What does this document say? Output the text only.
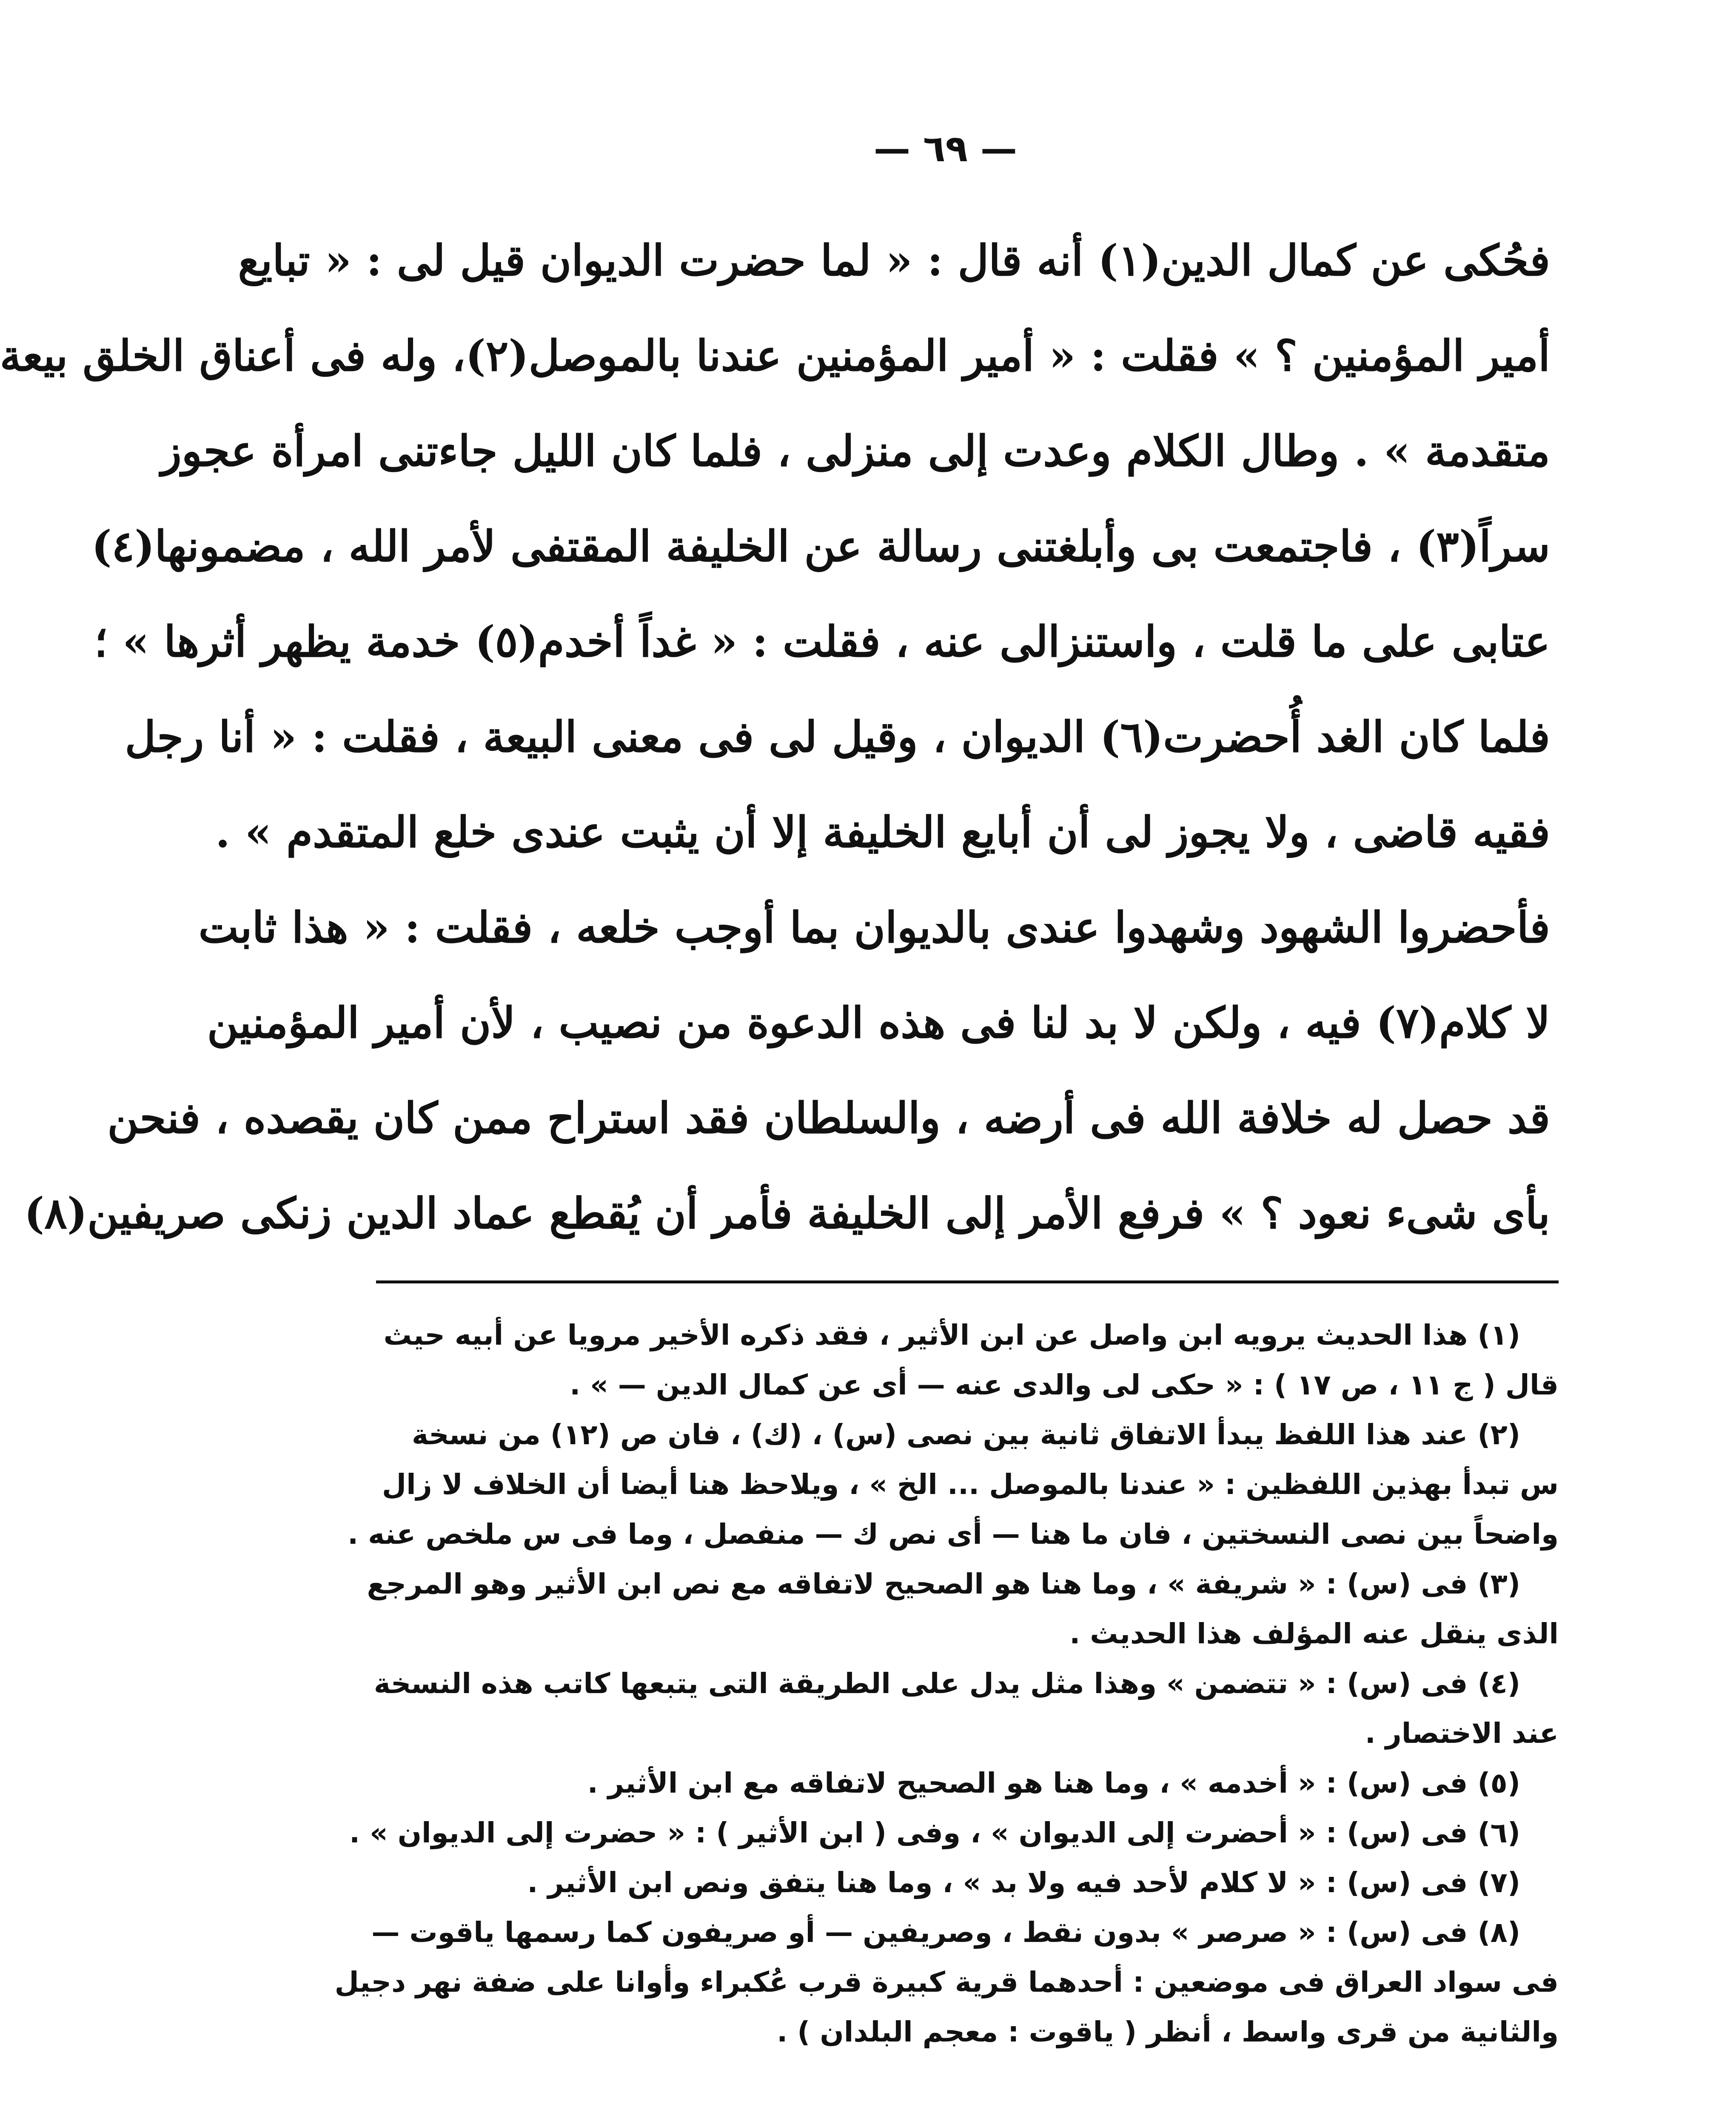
— ٦٩ —
فحُكى عن كمال الدين(١) أنه قال : « لما حضرت الديوان قيل لى : « تبايع
أمير المؤمنين ؟ » فقلت : « أمير المؤمنين عندنا بالموصل(٢)، وله فى أعناق الخلق بيعة
متقدمة » . وطال الكلام وعدت إلى منزلى ، فلما كان الليل جاءتنى امرأة عجوز
سراً(٣) ، فاجتمعت بى وأبلغتنى رسالة عن الخليفة المقتفى لأمر الله ، مضمونها(٤)
عتابى على ما قلت ، واستنزالى عنه ، فقلت : « غداً أخدم(٥) خدمة يظهر أثرها » ؛
فلما كان الغد أُحضرت(٦) الديوان ، وقيل لى فى معنى البيعة ، فقلت : « أنا رجل
فقيه قاضى ، ولا يجوز لى أن أبايع الخليفة إلا أن يثبت عندى خلع المتقدم » .
فأحضروا الشهود وشهدوا عندى بالديوان بما أوجب خلعه ، فقلت : « هذا ثابت
لا كلام(٧) فيه ، ولكن لا بد لنا فى هذه الدعوة من نصيب ، لأن أمير المؤمنين
قد حصل له خلافة الله فى أرضه ، والسلطان فقد استراح ممن كان يقصده ، فنحن
بأى شىء نعود ؟ » فرفع الأمر إلى الخليفة فأمر أن يُقطع عماد الدين زنكى صريفين(٨)
(١) هذا الحديث يرويه ابن واصل عن ابن الأثير ، فقد ذكره الأخير مرويا عن أبيه حيث
قال ( ج ١١ ، ص ١٧ ) : « حكى لى والدى عنه — أى عن كمال الدين — » .
(٢) عند هذا اللفظ يبدأ الاتفاق ثانية بين نصى (س) ، (ك) ، فان ص (١٢) من نسخة
س تبدأ بهذين اللفظين : « عندنا بالموصل ... الخ » ، ويلاحظ هنا أيضا أن الخلاف لا زال
واضحاً بين نصى النسختين ، فان ما هنا — أى نص ك — منفصل ، وما فى س ملخص عنه .
(٣) فى (س) : « شريفة » ، وما هنا هو الصحيح لاتفاقه مع نص ابن الأثير وهو المرجع
الذى ينقل عنه المؤلف هذا الحديث .
(٤) فى (س) : « تتضمن » وهذا مثل يدل على الطريقة التى يتبعها كاتب هذه النسخة
عند الاختصار .
(٥) فى (س) : « أخدمه » ، وما هنا هو الصحيح لاتفاقه مع ابن الأثير .
(٦) فى (س) : « أحضرت إلى الديوان » ، وفى ( ابن الأثير ) : « حضرت إلى الديوان » .
(٧) فى (س) : « لا كلام لأحد فيه ولا بد » ، وما هنا يتفق ونص ابن الأثير .
(٨) فى (س) : « صرصر » بدون نقط ، وصريفين — أو صريفون كما رسمها ياقوت —
فى سواد العراق فى موضعين : أحدهما قرية كبيرة قرب عُكبراء وأوانا على ضفة نهر دجيل
والثانية من قرى واسط ، أنظر ( ياقوت : معجم البلدان ) .
